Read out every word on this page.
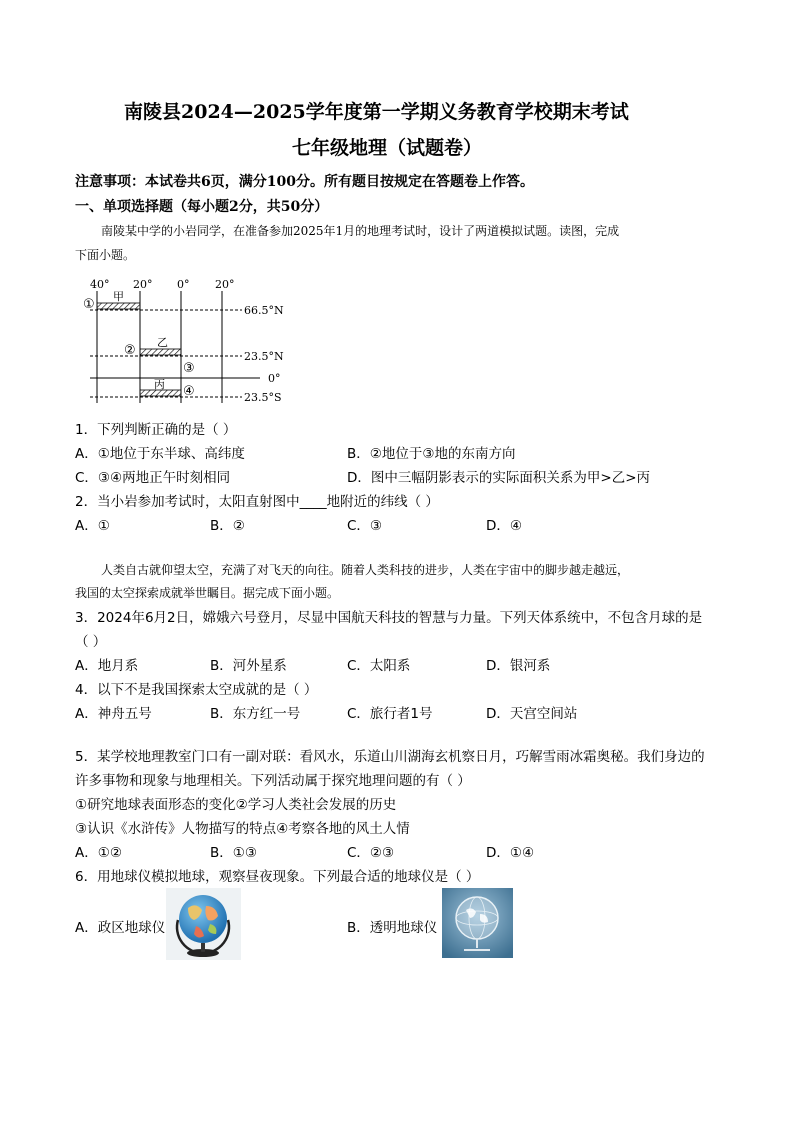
南陵县2024—2025学年度第一学期义务教育学校期末考试
七年级地理（试题卷）
注意事项：本试卷共6页，满分100分。所有题目按规定在答题卷上作答。
一、单项选择题（每小题2分，共50分）
南陵某中学的小岩同学，在准备参加2025年1月的地理考试时，设计了两道模拟试题。读图，完成
下面小题。
40° 20° 0° 20°
66.5°N
23.5°N
0°
23.5°S
甲
乙
丙
①
②
③
④
1．下列判断正确的是（ ）
A．①地位于东半球、高纬度	B．②地位于③地的东南方向
C．③④两地正午时刻相同	D．图中三幅阴影表示的实际面积关系为甲>乙>丙
2．当小岩参加考试时，太阳直射图中____地附近的纬线（ ）
A．①	B．②	C．③	D．④
人类自古就仰望太空，充满了对飞天的向往。随着人类科技的进步，人类在宇宙中的脚步越走越远，
我国的太空探索成就举世瞩目。据完成下面小题。
3．2024年6月2日，嫦娥六号登月，尽显中国航天科技的智慧与力量。下列天体系统中，不包含月球的是
（ ）
A．地月系	B．河外星系	C．太阳系	D．银河系
4．以下不是我国探索太空成就的是（ ）
A．神舟五号	B．东方红一号	C．旅行者1号	D．天宫空间站
5．某学校地理教室门口有一副对联：看风水，乐道山川湖海玄机察日月，巧解雪雨冰霜奥秘。我们身边的
许多事物和现象与地理相关。下列活动属于探究地理问题的有（ ）
①研究地球表面形态的变化②学习人类社会发展的历史
③认识《水浒传》人物描写的特点④考察各地的风土人情
A．①②	B．①③	C．②③	D．①④
6．用地球仪模拟地球，观察昼夜现象。下列最合适的地球仪是（ ）
A．政区地球仪	B．透明地球仪
